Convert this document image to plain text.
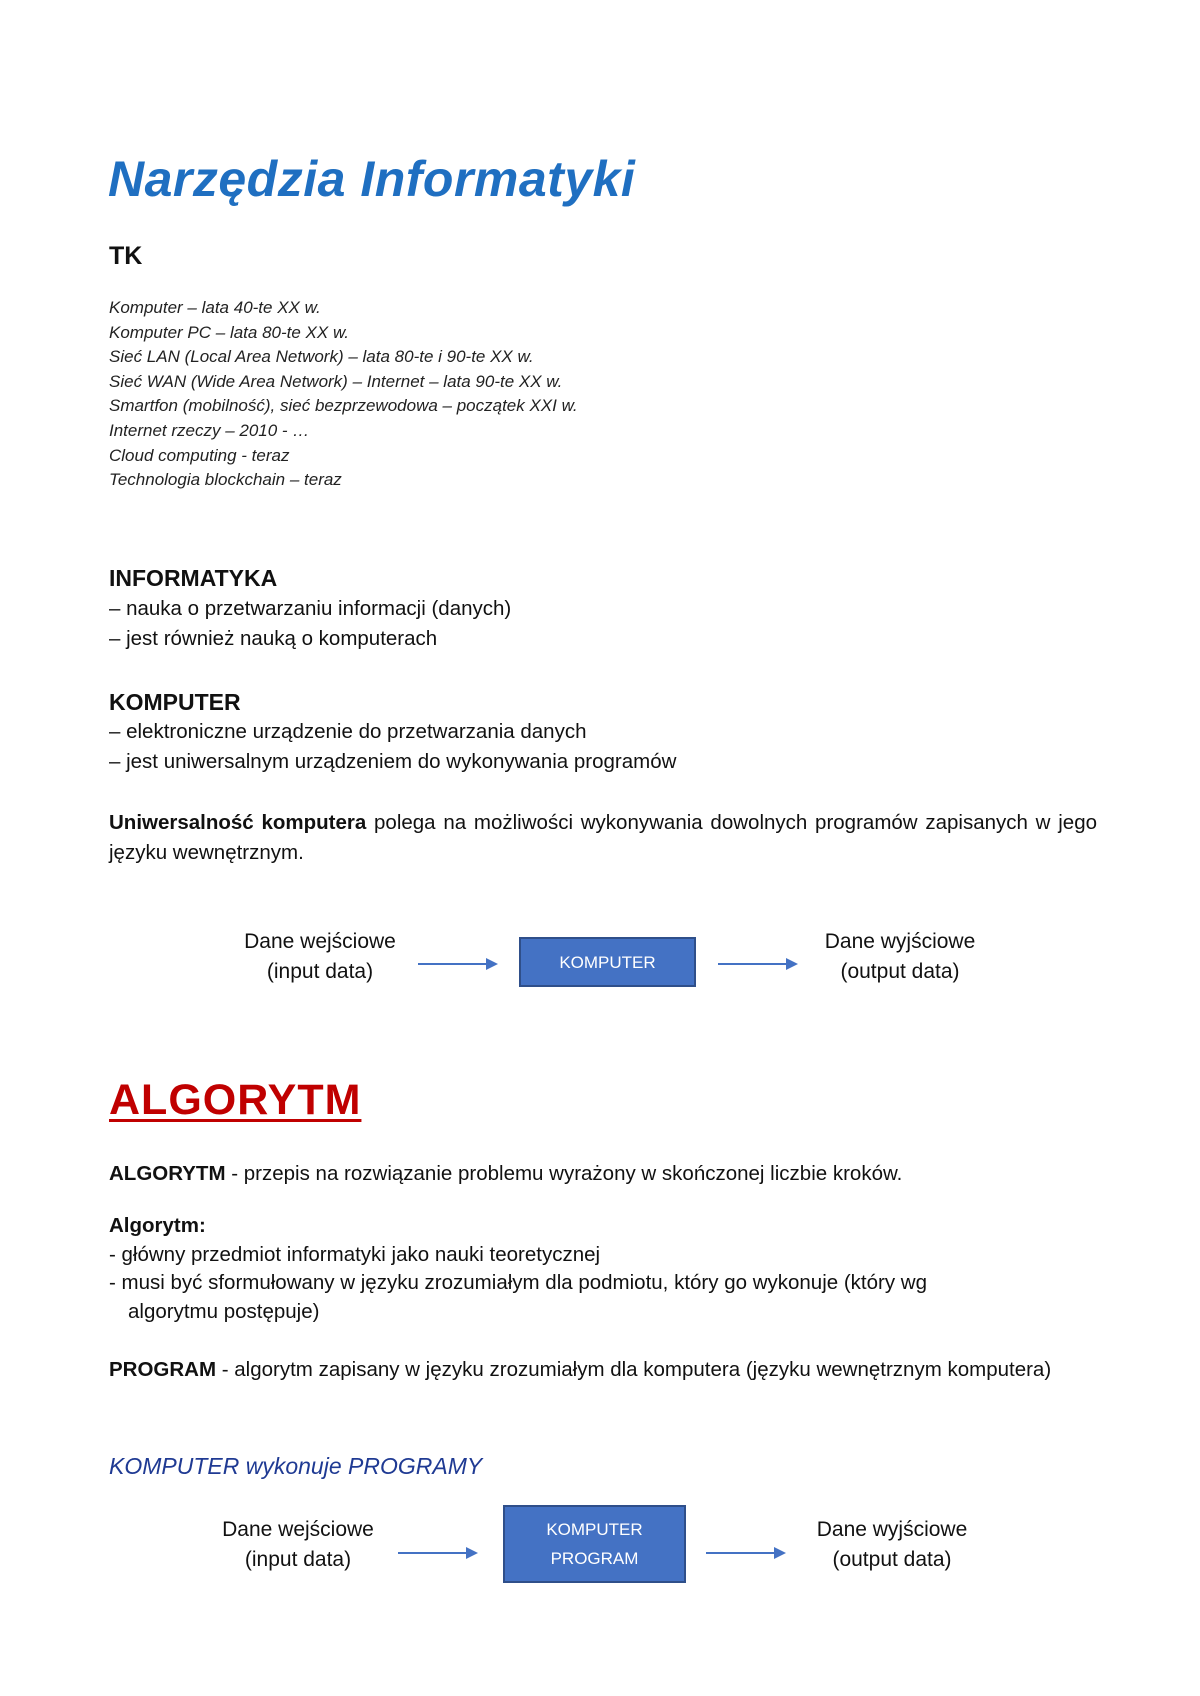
Narzędzia Informatyki
TK
Komputer – lata 40-te XX w.
Komputer PC – lata 80-te XX w.
Sieć LAN (Local Area Network) – lata 80-te i 90-te XX w.
Sieć WAN (Wide Area Network) – Internet – lata 90-te XX w.
Smartfon (mobilność), sieć bezprzewodowa – początek XXI w.
Internet rzeczy – 2010 - …
Cloud computing - teraz
Technologia blockchain – teraz
INFORMATYKA
– nauka o przetwarzaniu informacji (danych)
– jest również nauką o komputerach
KOMPUTER
– elektroniczne urządzenie do przetwarzania danych
– jest uniwersalnym urządzeniem do wykonywania programów
Uniwersalność komputera polega na możliwości wykonywania dowolnych programów zapisanych w jego języku wewnętrznym.
Dane wejściowe
(input data)	KOMPUTER
Dane wyjściowe
(output data)
ALGORYTM
ALGORYTM - przepis na rozwiązanie problemu wyrażony w skończonej liczbie kroków.
Algorytm:
- główny przedmiot informatyki jako nauki teoretycznej
- musi być sformułowany w języku zrozumiałym dla podmiotu, który go wykonuje (który wg
algorytmu postępuje)
PROGRAM - algorytm zapisany w języku zrozumiałym dla komputera (języku wewnętrznym komputera)
KOMPUTER wykonuje PROGRAMY
Dane wejściowe
(input data)
KOMPUTER
PROGRAM
Dane wyjściowe
(output data)
